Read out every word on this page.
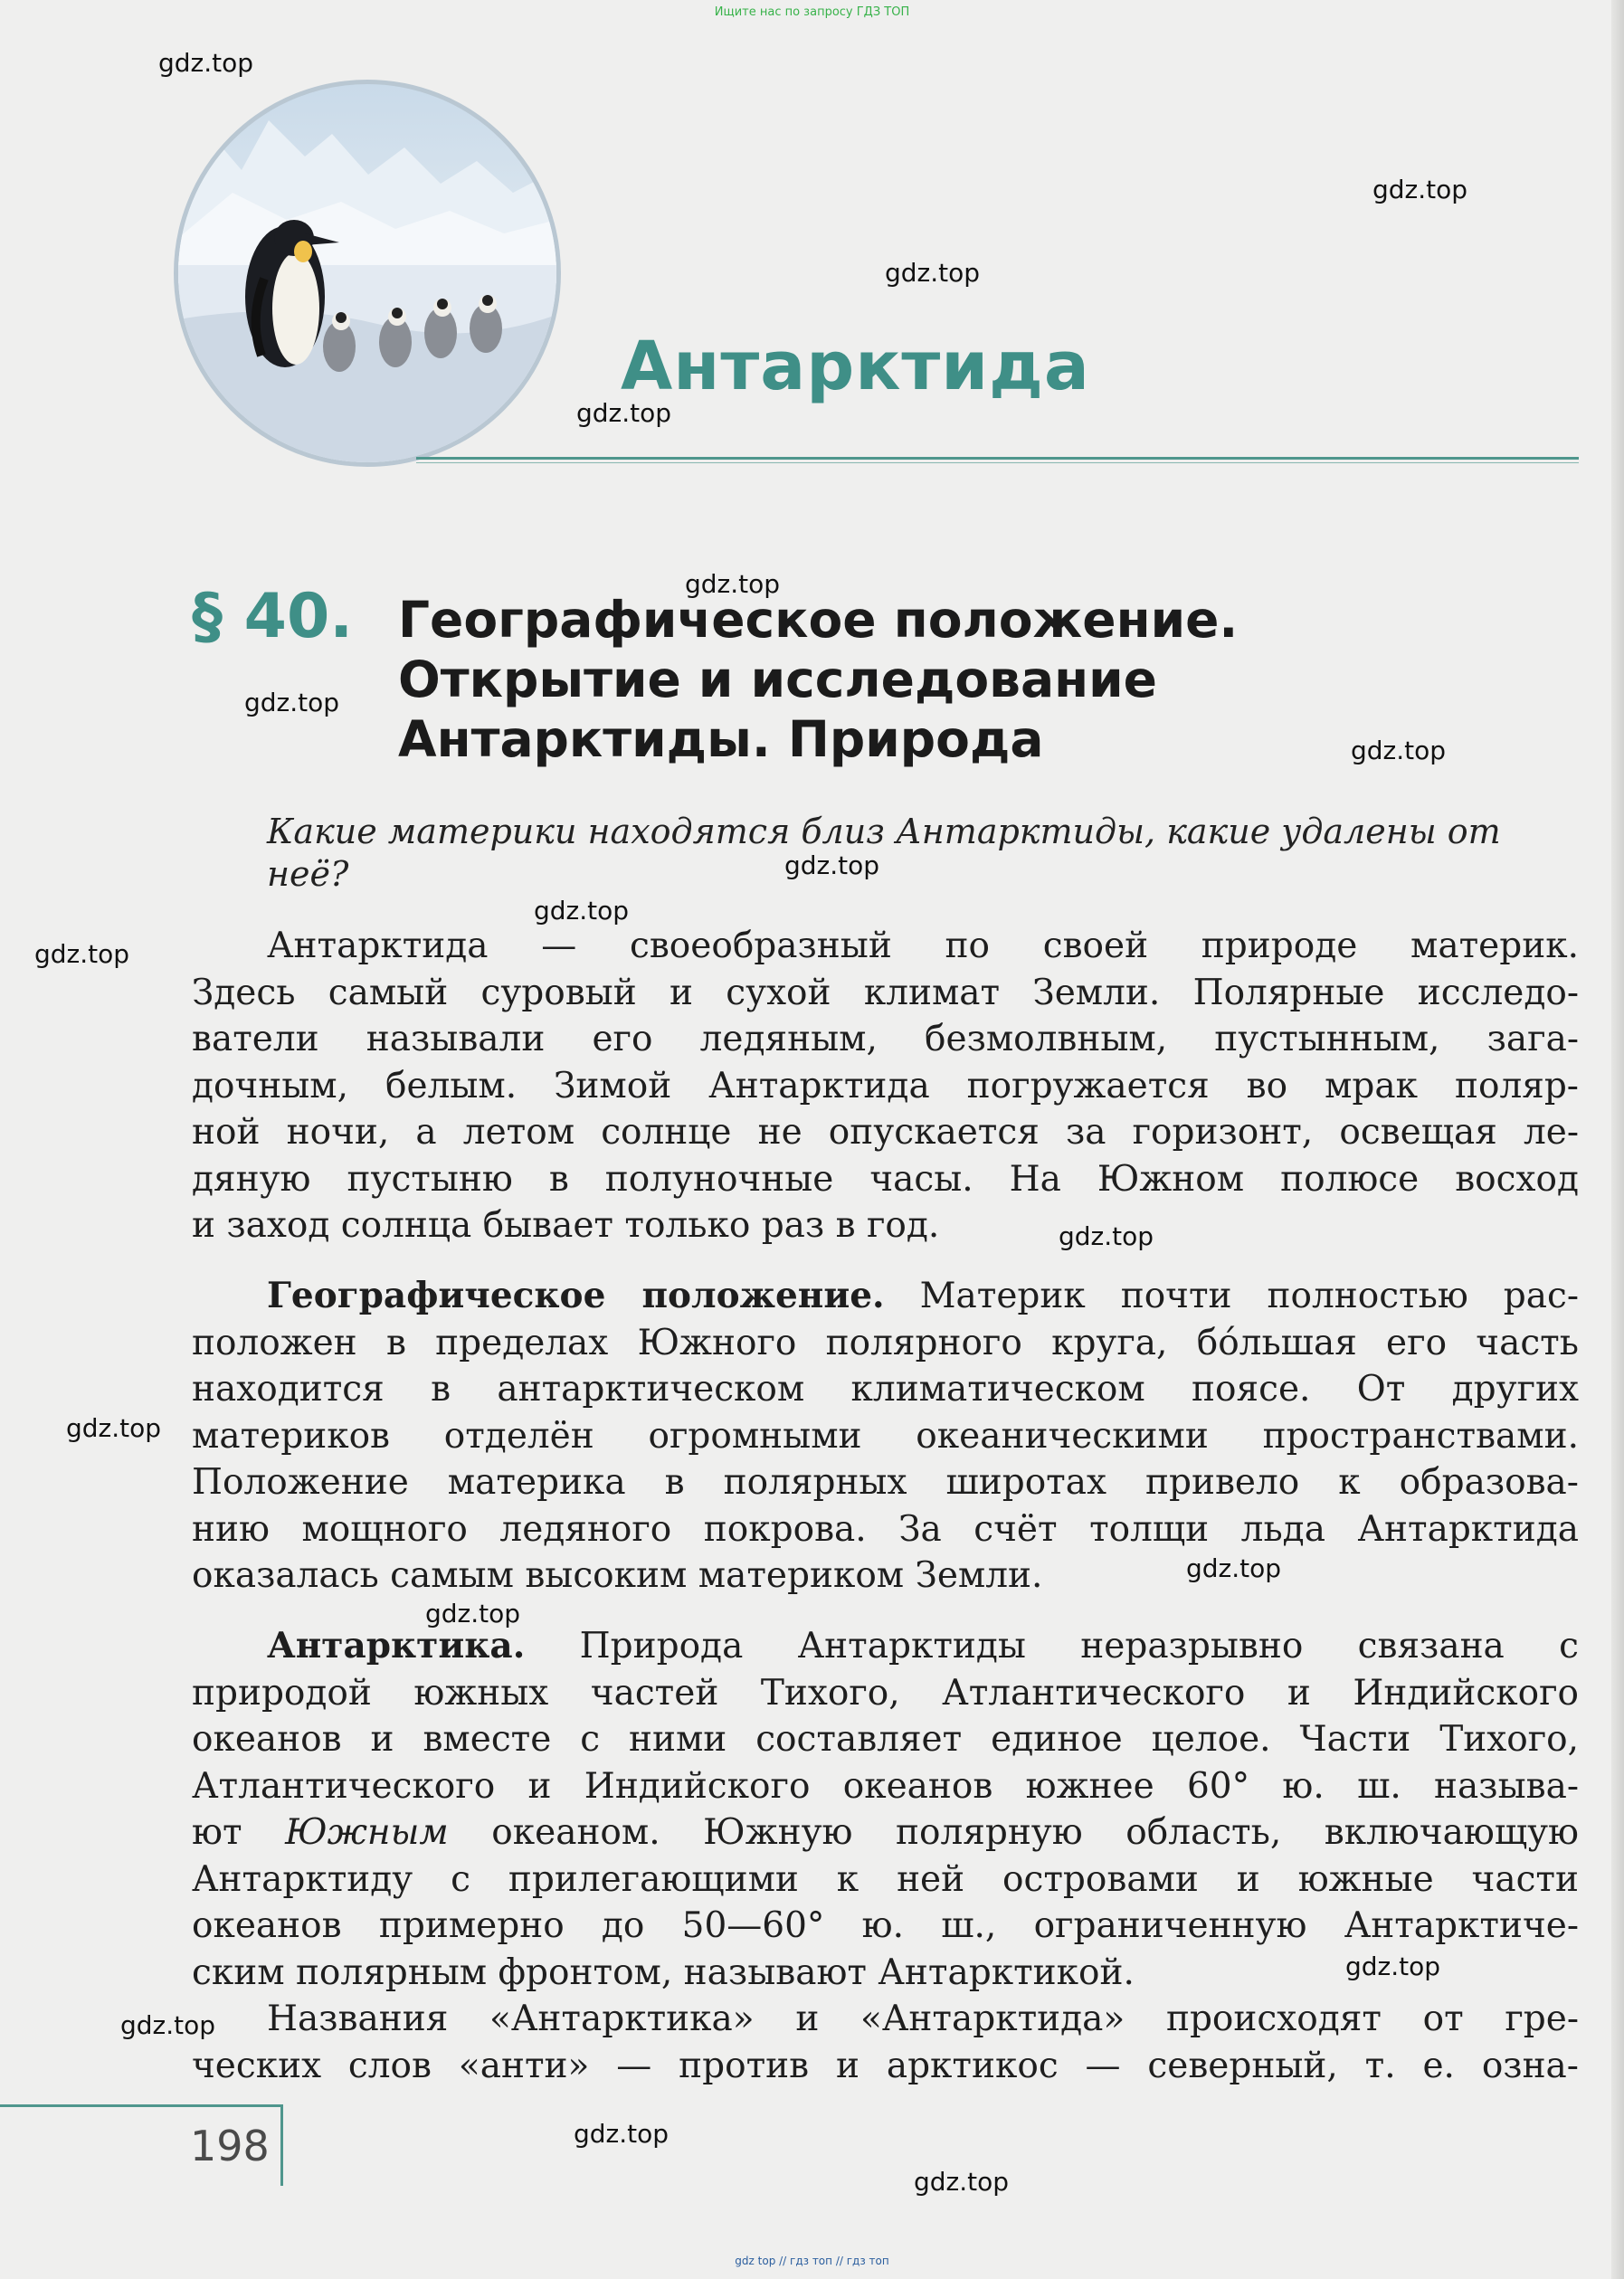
Ищите нас по запросу ГДЗ ТОП
Антарктида
§ 40. Географическое положение.
Открытие и исследование
Антарктиды. Природа
Какие материки находятся близ Антарктиды, какие удалены от неё?
Антарктида — своеобразный по своей природе материк.
Здесь самый суровый и сухой климат Земли. Полярные исследо-
ватели называли его ледяным, безмолвным, пустынным, зага-
дочным, белым. Зимой Антарктида погружается во мрак поляр-
ной ночи, а летом солнце не опускается за горизонт, освещая ле-
дяную пустыню в полуночные часы. На Южном полюсе восход
и заход солнца бывает только раз в год.
Географическое положение. Материк почти полностью рас-
положен в пределах Южного полярного круга, бóльшая его часть
находится в антарктическом климатическом поясе. От других
материков отделён огромными океаническими пространствами.
Положение материка в полярных широтах привело к образова-
нию мощного ледяного покрова. За счёт толщи льда Антарктида
оказалась самым высоким материком Земли.
Антарктика. Природа Антарктиды неразрывно связана с
природой южных частей Тихого, Атлантического и Индийского
океанов и вместе с ними составляет единое целое. Части Тихого,
Атлантического и Индийского океанов южнее 60° ю. ш. называ-
ют Южным океаном. Южную полярную область, включающую
Антарктиду с прилегающими к ней островами и южные части
океанов примерно до 50—60° ю. ш., ограниченную Антарктиче-
ским полярным фронтом, называют Антарктикой.
Названия «Антарктика» и «Антарктида» происходят от гре-
ческих слов «анти» — против и арктикос — северный, т. е. озна-
198
gdz.top
gdz.top
gdz.top
gdz.top
gdz.top
gdz.top
gdz.top
gdz.top
gdz.top
gdz.top
gdz.top
gdz.top
gdz.top
gdz.top
gdz.top
gdz.top
gdz.top
gdz.top
gdz top // гдз топ // гдз топ
